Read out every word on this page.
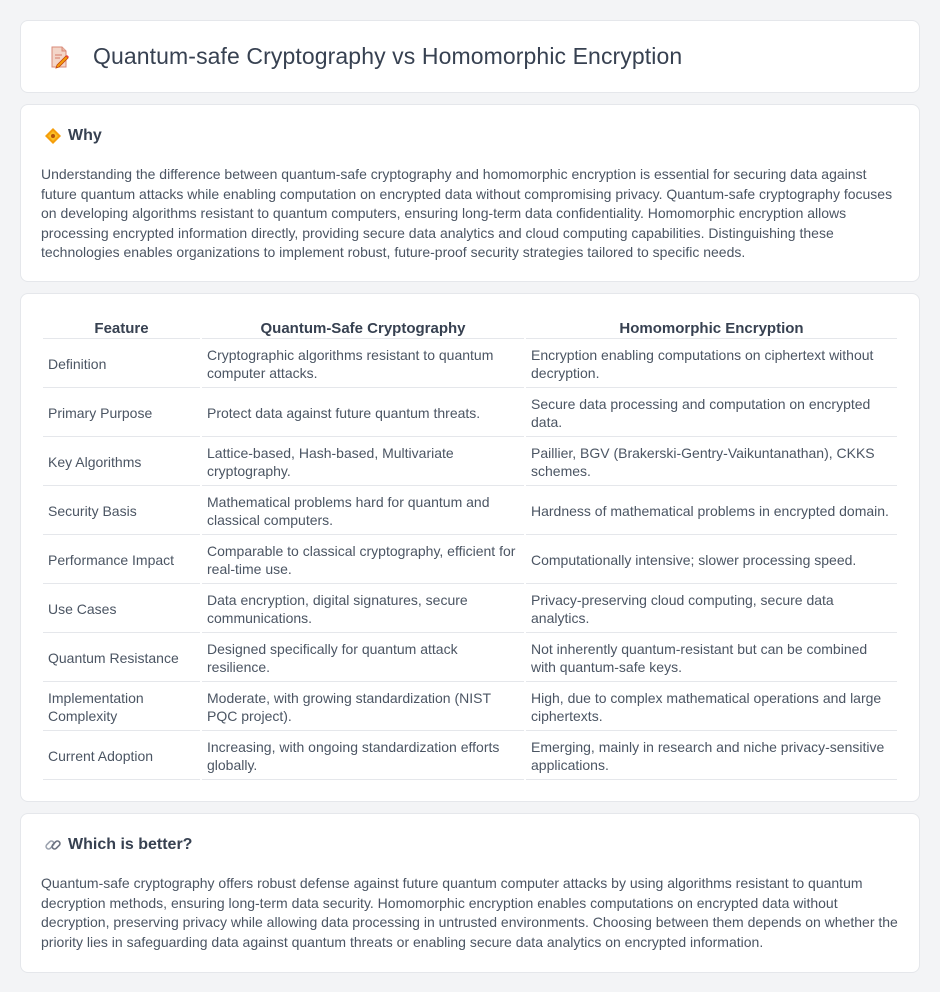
Quantum-safe Cryptography vs Homomorphic Encryption
Why

Understanding the difference between quantum-safe cryptography and homomorphic encryption is essential for securing data against future quantum attacks while enabling computation on encrypted data without compromising privacy. Quantum-safe cryptography focuses on developing algorithms resistant to quantum computers, ensuring long-term data confidentiality. Homomorphic encryption allows processing encrypted information directly, providing secure data analytics and cloud computing capabilities. Distinguishing these technologies enables organizations to implement robust, future-proof security strategies tailored to specific needs.

Feature	Quantum-Safe Cryptography	Homomorphic Encryption
Definition	Cryptographic algorithms resistant to quantum computer attacks.	Encryption enabling computations on ciphertext without decryption.
Primary Purpose	Protect data against future quantum threats.	Secure data processing and computation on encrypted data.
Key Algorithms	Lattice-based, Hash-based, Multivariate cryptography.	Paillier, BGV (Brakerski-Gentry-Vaikuntanathan), CKKS schemes.
Security Basis	Mathematical problems hard for quantum and classical computers.	Hardness of mathematical problems in encrypted domain.
Performance Impact	Comparable to classical cryptography, efficient for real-time use.	Computationally intensive; slower processing speed.
Use Cases	Data encryption, digital signatures, secure communications.	Privacy-preserving cloud computing, secure data analytics.
Quantum Resistance	Designed specifically for quantum attack resilience.	Not inherently quantum-resistant but can be combined with quantum-safe keys.
Implementation Complexity	Moderate, with growing standardization (NIST PQC project).	High, due to complex mathematical operations and large ciphertexts.
Current Adoption	Increasing, with ongoing standardization efforts globally.	Emerging, mainly in research and niche privacy-sensitive applications.
Which is better?

Quantum-safe cryptography offers robust defense against future quantum computer attacks by using algorithms resistant to quantum decryption methods, ensuring long-term data security. Homomorphic encryption enables computations on encrypted data without decryption, preserving privacy while allowing data processing in untrusted environments. Choosing between them depends on whether the priority lies in safeguarding data against quantum threats or enabling secure data analytics on encrypted information.
